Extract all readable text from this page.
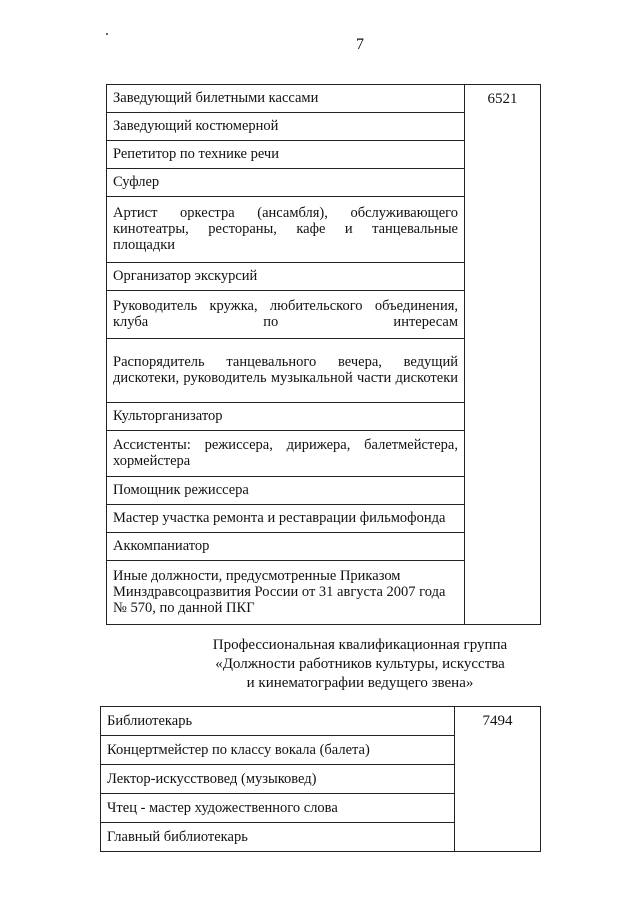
7
Заведующий билетными кассами	6521
Заведующий костюмерной
Репетитор по технике речи
Суфлер
Артист оркестра (ансамбля), обслуживающего кинотеатры, рестораны, кафе и танцевальные площадки
Организатор экскурсий
Руководитель кружка, любительского объединения, клуба по интересам
Распорядитель танцевального вечера, ведущий дискотеки, руководитель музыкальной части дискотеки
Культорганизатор
Ассистенты: режиссера, дирижера, балетмейстера, хормейстера
Помощник режиссера
Мастер участка ремонта и реставрации фильмофонда
Аккомпаниатор
Иные должности, предусмотренные Приказом Минздравсоцразвития России от 31 августа 2007 года № 570, по данной ПКГ
Профессиональная квалификационная группа
«Должности работников культуры, искусства
и кинематографии ведущего звена»
Библиотекарь	7494
Концертмейстер по классу вокала (балета)
Лектор-искусствовед (музыковед)
Чтец - мастер художественного слова
Главный библиотекарь
